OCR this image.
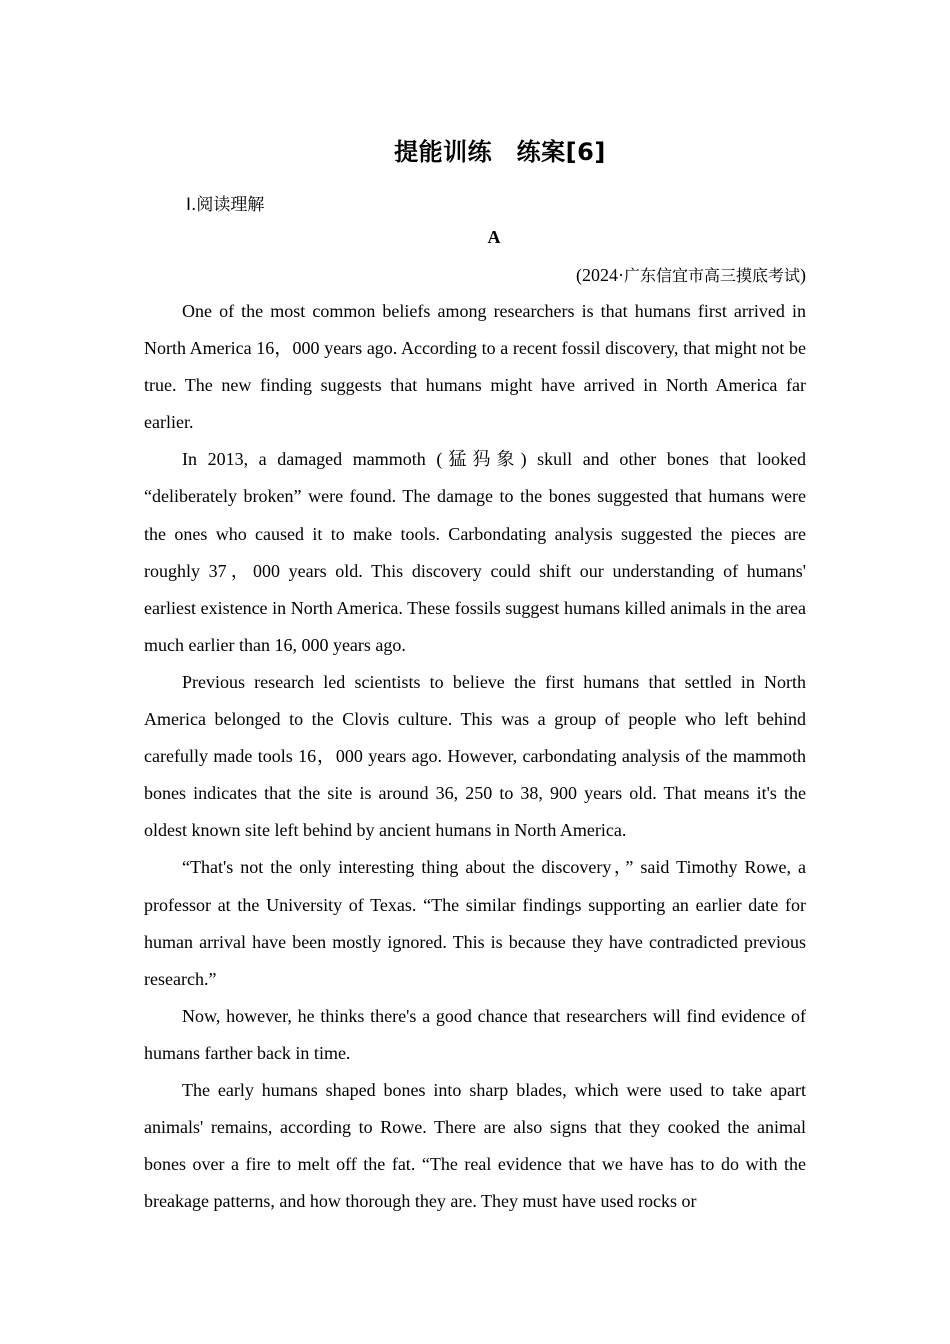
提能训练　练案[6]
Ⅰ.阅读理解
A
(2024·广东信宜市高三摸底考试)

One of the most common beliefs among researchers is that humans first arrived in North America 16，000 years ago. According to a recent fossil discovery, that might not be true. The new finding suggests that humans might have arrived in North America far earlier.

In 2013, a damaged mammoth (猛犸象) skull and other bones that looked “deliberately broken” were found. The damage to the bones suggested that humans were the ones who caused it to make tools. Carbondating analysis suggested the pieces are roughly 37，000 years old. This discovery could shift our understanding of humans' earliest existence in North America. These fossils suggest humans killed animals in the area much earlier than 16, 000 years ago.

Previous research led scientists to believe the first humans that settled in North America belonged to the Clovis culture. This was a group of people who left behind carefully made tools 16，000 years ago. However, carbondating analysis of the mammoth bones indicates that the site is around 36, 250 to 38, 900 years old. That means it's the oldest known site left behind by ancient humans in North America.

“That's not the only interesting thing about the discovery，” said Timothy Rowe, a professor at the University of Texas. “The similar findings supporting an earlier date for human arrival have been mostly ignored. This is because they have contradicted previous research.”

Now, however, he thinks there's a good chance that researchers will find evidence of humans farther back in time.

The early humans shaped bones into sharp blades, which were used to take apart animals' remains, according to Rowe. There are also signs that they cooked the animal bones over a fire to melt off the fat. “The real evidence that we have has to do with the breakage patterns, and how thorough they are. They must have used rocks or
